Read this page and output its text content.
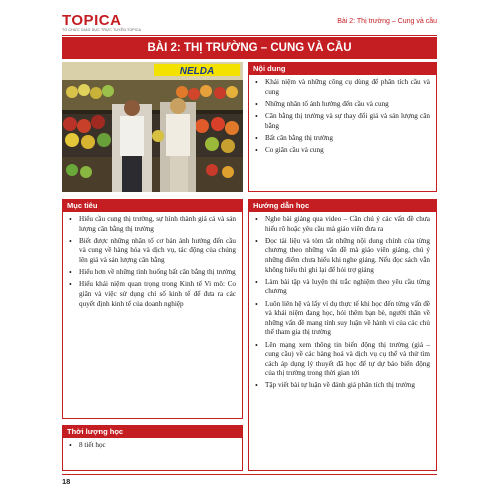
TOPICA
TỔ CHỨC GIÁO DỤC TRỰC TUYẾN TOPICA
Bài 2: Thị trường – Cung và cầu
BÀI 2: THỊ TRƯỜNG – CUNG VÀ CẦU
NELDA	Nội dung
• Khái niệm và những công cụ dùng để phân tích cầu và cung
• Những nhân tố ảnh hưởng đến cầu và cung
• Cân bằng thị trường và sự thay đổi giá và sản lượng cân bằng
• Bất cân bằng thị trường
• Co giãn cầu và cung
Mục tiêu
• Hiểu cầu cung thị trường, sự hình thành giá cả và sản lượng cân bằng thị trường
• Biết được những nhân tố cơ bản ảnh hưởng đến cầu và cung về hàng hóa và dịch vụ, tác động của chúng lên giá và sản lượng cân bằng
• Hiểu hơn về những tình huống bất cân bằng thị trường
• Hiểu khái niệm quan trọng trong Kinh tế Vi mô: Co giãn và việc sử dụng chỉ số kinh tế để đưa ra các quyết định kinh tế của doanh nghiệp
Thời lượng học
• 8 tiết học
Hướng dẫn học
• Nghe bài giảng qua video – Cần chú ý các vấn đề chưa hiểu rõ hoặc yêu cầu mà giáo viên đưa ra
• Đọc tài liệu và tóm tắt những nội dung chính của từng chương theo những vấn đề mà giáo viên giảng, chú ý những điểm chưa hiểu khi nghe giảng. Nếu đọc sách vẫn không hiểu thì ghi lại để hỏi trợ giảng
• Làm bài tập và luyện thi trắc nghiệm theo yêu cầu từng chương
• Luôn liên hệ và lấy ví dụ thực tế khi học đến từng vấn đề và khái niệm đang học, hỏi thêm bạn bè, người thân về những vấn đề mang tính suy luận về hành vi của các chủ thể tham gia thị trường
• Lên mạng xem thông tin biến động thị trường (giá – cung cầu) về các hàng hoá và dịch vụ cụ thể và thử tìm cách áp dụng lý thuyết đã học để tự dự báo biến động của thị trường trong thời gian tới
• Tập viết bài tự luận về đánh giá phân tích thị trường
18
